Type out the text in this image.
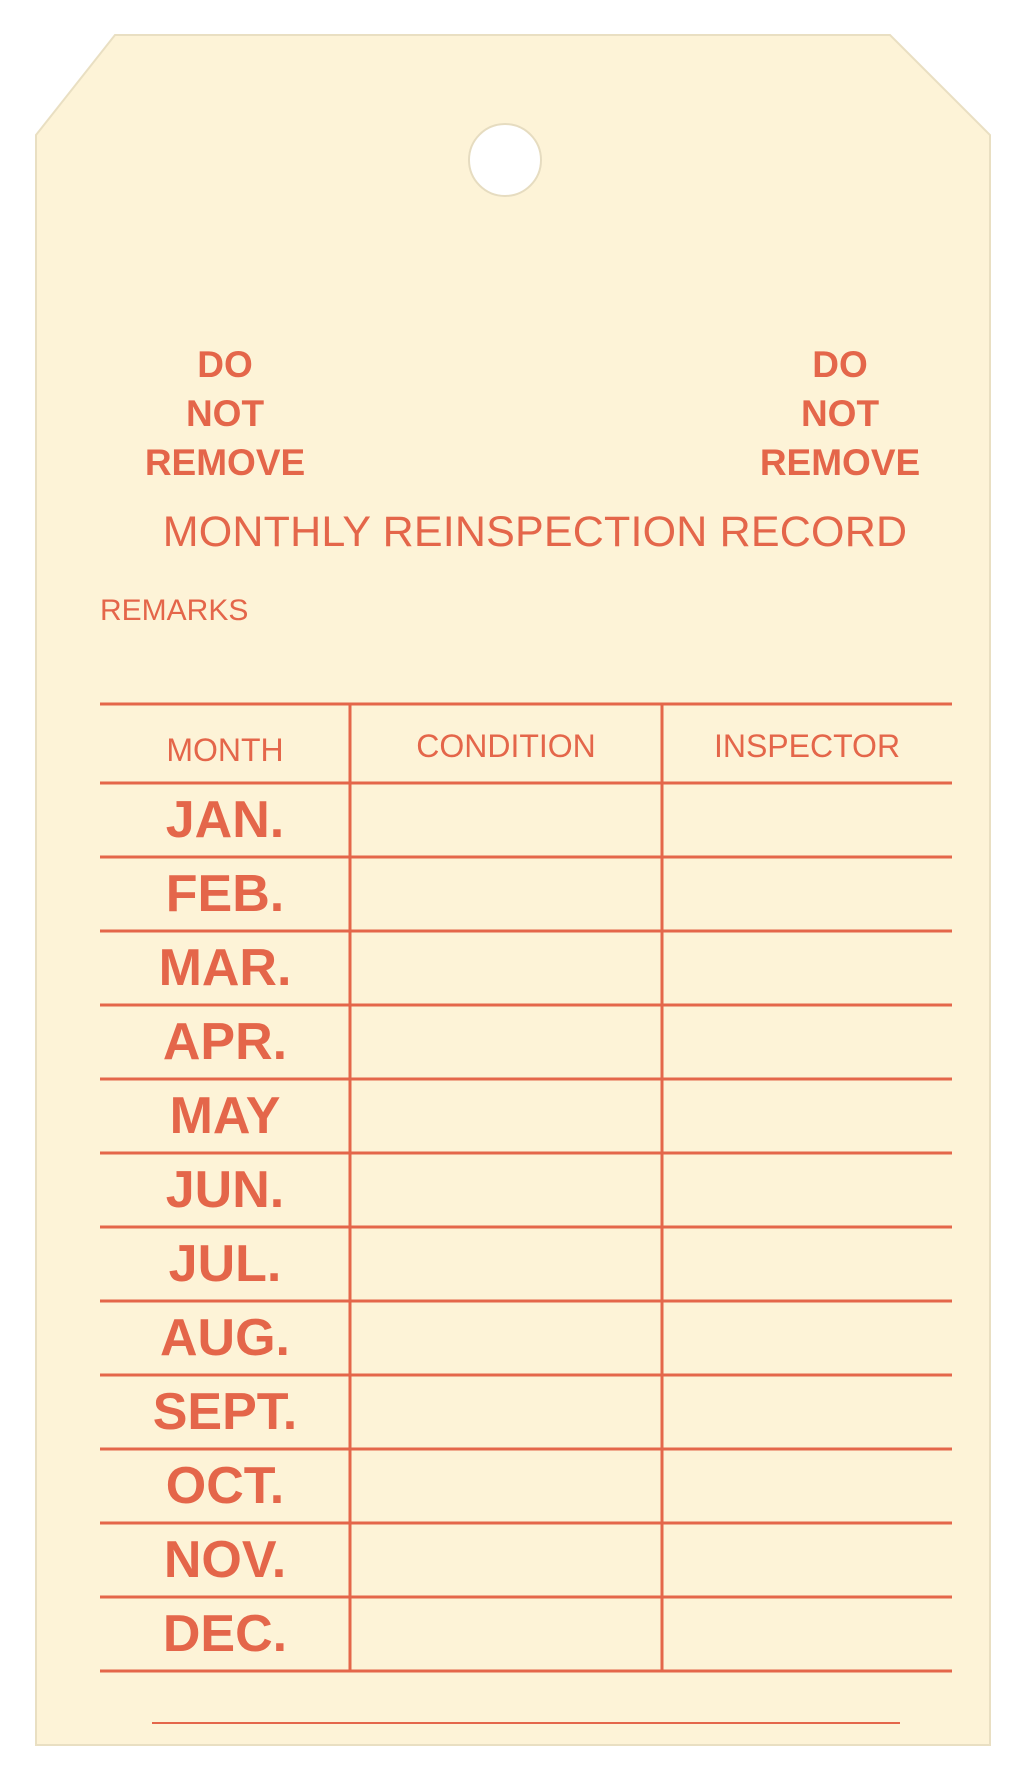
DO
NOT
REMOVE
DO
NOT
REMOVE
MONTHLY REINSPECTION RECORD
REMARKS
MONTH	CONDITION	INSPECTOR
JAN.
FEB.
MAR.
APR.
MAY
JUN.
JUL.
AUG.
SEPT.
OCT.
NOV.
DEC.
